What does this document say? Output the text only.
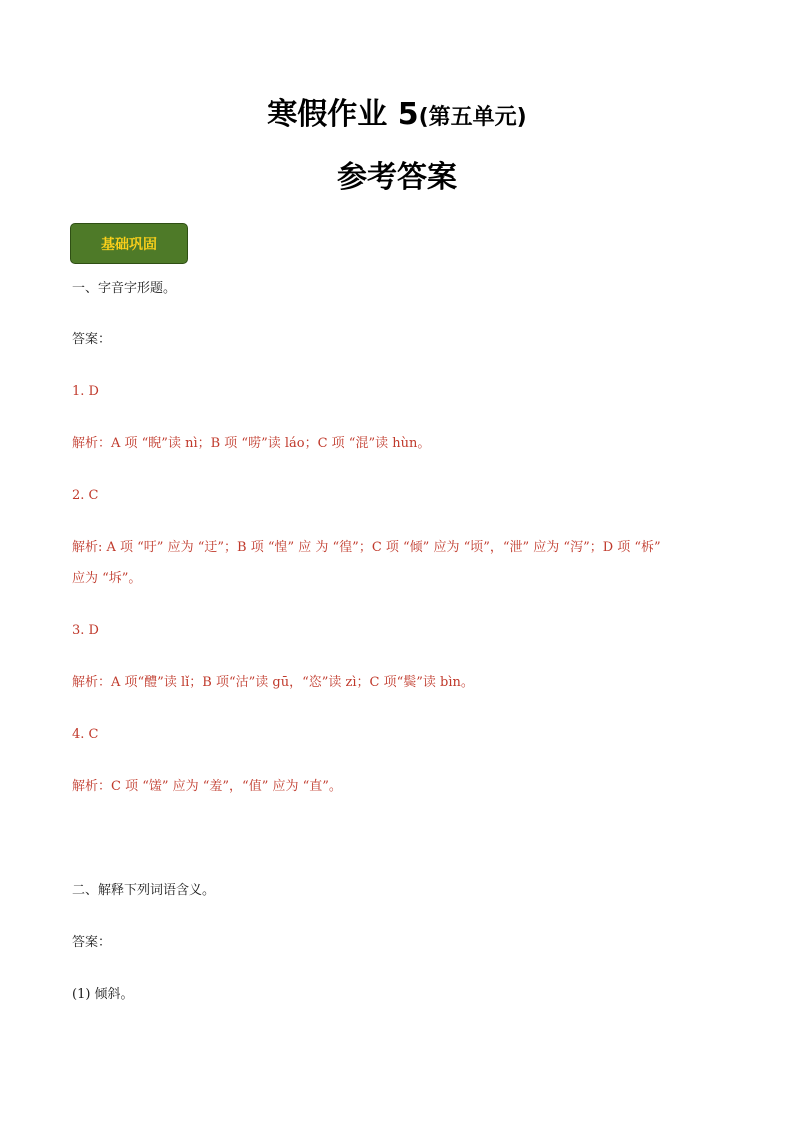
寒假作业 5(第五单元)
参考答案
基础巩固
一、字音字形题。
答案：
1. D
解析：A 项 “睨”读 nì；B 项 “唠”读 láo；C 项 “混”读 hùn。
2. C
解析: A 项 “吁” 应为 “迂”；B 项 “惶” 应 为 “徨”；C 项 “倾” 应为 “顷”，“泄” 应为 “泻”；D 项 “柝”
应为 “坼”。
3. D
解析：A 项“醴”读 lǐ；B 项“沽”读 gū，“恣”读 zì；C 项“鬓”读 bìn。
4. C
解析：C 项 “馐” 应为 “羞”，“值” 应为 “直”。
二、解释下列词语含义。
答案：
(1) 倾斜。
